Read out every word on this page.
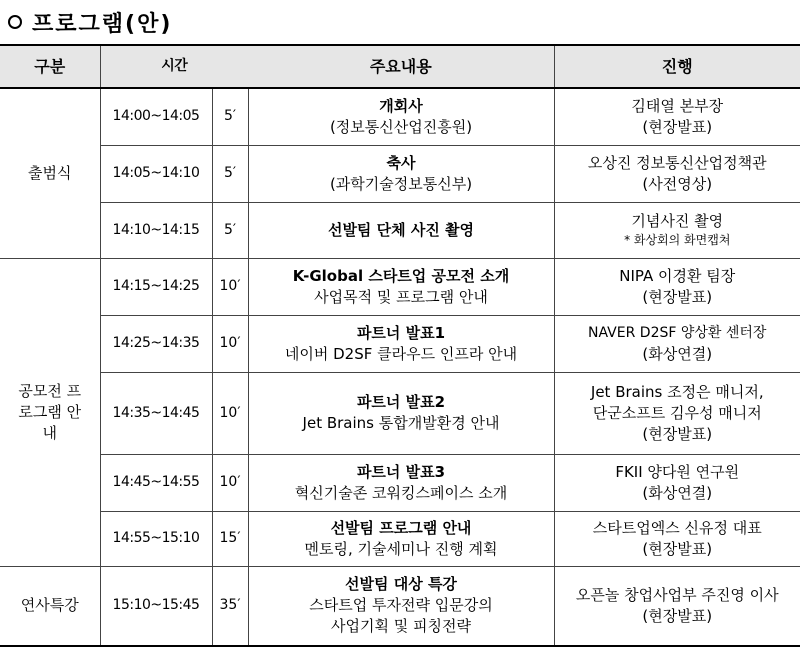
프로그램(안)
구분	시간		주요내용	진행
출범식	14:00~14:05	5′	개회사
(정보통신산업진흥원)	김태열 본부장
(현장발표)

	14:05~14:10	5′	축사
(과학기술정보통신부)	오상진 정보통신산업정책관
(사전영상)

	14:10~14:15	5′	선발팀 단체 사진 촬영	기념사진 촬영
* 화상회의 화면캡쳐

공모전 프로그램 안내	14:15~14:25	10′	K-Global 스타트업 공모전 소개
사업목적 및 프로그램 안내	NIPA 이경환 팀장
(현장발표)

	14:25~14:35	10′	파트너 발표1
네이버 D2SF 클라우드 인프라 안내	NAVER D2SF 양상환 센터장
(화상연결)

	14:35~14:45	10′	파트너 발표2
Jet Brains 통합개발환경 안내	Jet Brains 조정은 매니저,
단군소프트 김우성 매니저
(현장발표)

	14:45~14:55	10′	파트너 발표3
혁신기술존 코워킹스페이스 소개	FKII 양다원 연구원
(화상연결)

	14:55~15:10	15′	선발팀 프로그램 안내
멘토링, 기술세미나 진행 계획	스타트업엑스 신유정 대표
(현장발표)

연사특강	15:10~15:45	35′	선발팀 대상 특강
스타트업 투자전략 입문강의
사업기획 및 피칭전략	오픈놀 창업사업부 주진영 이사
(현장발표)
